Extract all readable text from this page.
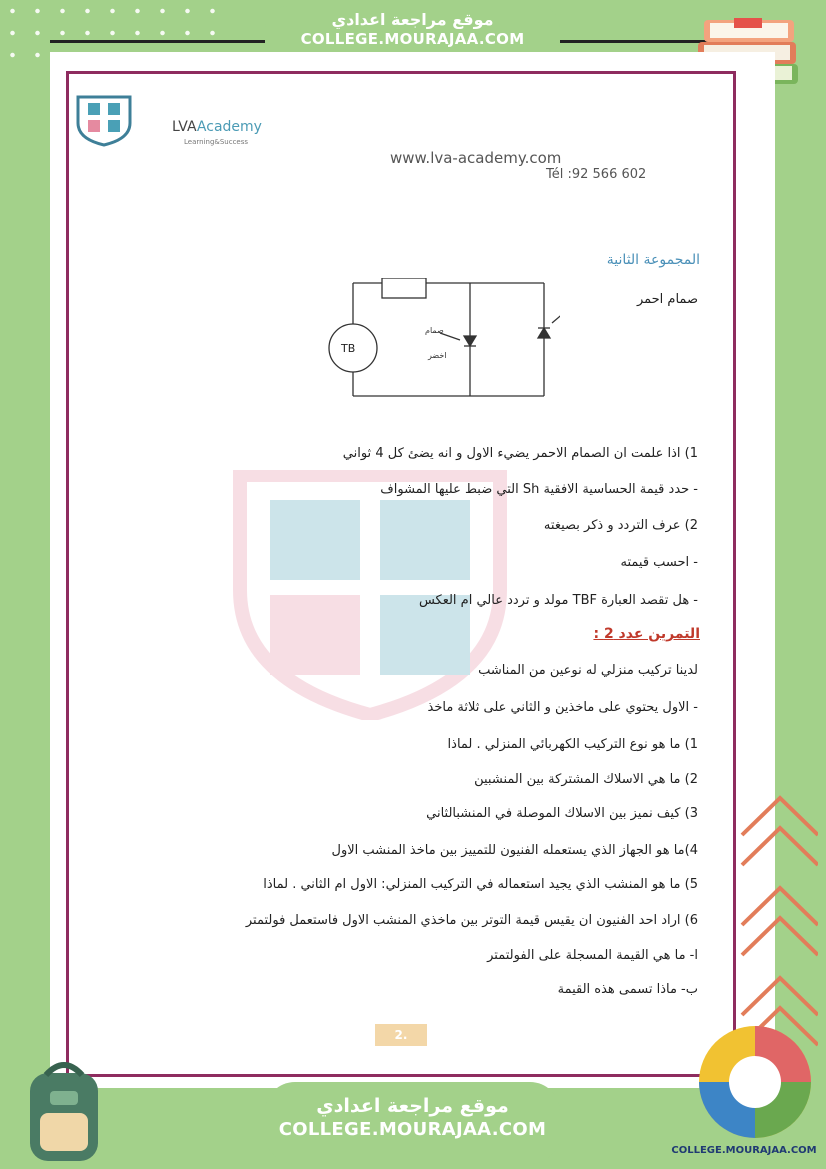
موقع مراجعة اعدادي
COLLEGE.MOURAJAA.COM
LVAAcademy
Learning&Success
www.lva-academy.com
Tél :92 566 602
المجموعة الثانية
TB
صمام
اخضر
صمام احمر
1) اذا علمت ان الصمام الاحمر يضيء الاول و انه يضئ كل 4 ثواني
- حدد قيمة الحساسية الافقية Sh التي ضبط عليها المشواف
2) عرف التردد و ذكر بصيغته
- احسب قيمته
- هل تقصد العبارة TBF مولد و تردد عالي ام العكس
التمرين عدد 2 :
لدينا تركيب منزلي له نوعين من المناشب
- الاول يحتوي على ماخذين و الثاني على ثلاثة ماخذ
1) ما هو نوع التركيب الكهربائي المنزلي . لماذا
2) ما هي الاسلاك المشتركة بين المنشبين
3) كيف نميز بين الاسلاك الموصلة في المنشبالثاني
4)ما هو الجهاز الذي يستعمله الفنيون للتمييز بين ماخذ المنشب الاول
5) ما هو المنشب الذي يجيد استعماله في التركيب المنزلي: الاول ام الثاني . لماذا
6) اراد احد الفنيون ان يقيس قيمة التوتر بين ماخذي المنشب الاول فاستعمل فولتمتر
ا- ما هي القيمة المسجلة على الفولتمتر
ب- ماذا تسمى هذه القيمة
2.
موقع مراجعة اعدادي
COLLEGE.MOURAJAA.COM
COLLEGE.MOURAJAA.COM
